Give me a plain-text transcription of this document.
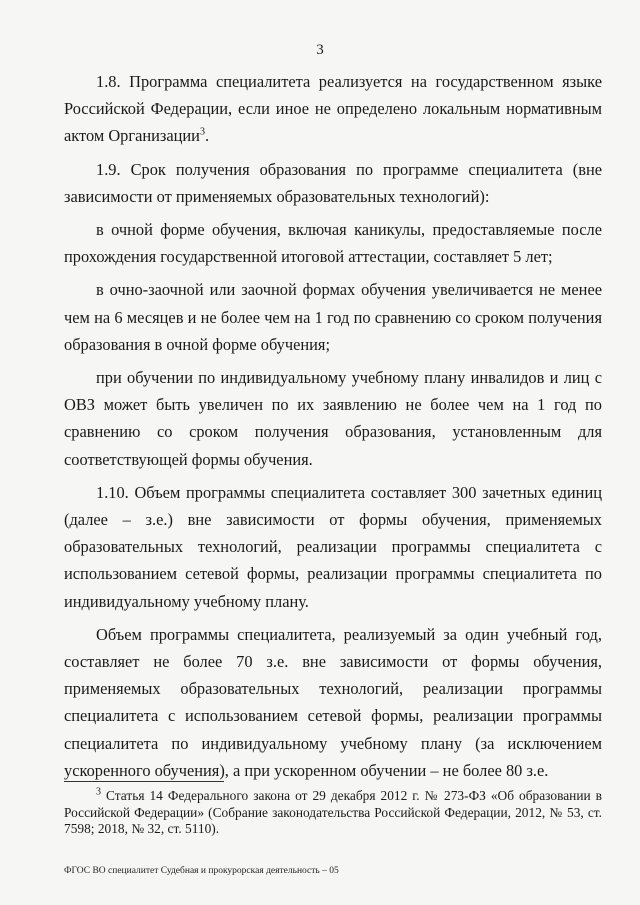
3

1.8. Программа специалитета реализуется на государственном языке Российской Федерации, если иное не определено локальным нормативным актом Организации$^3$.

1.9. Срок получения образования по программе специалитета (вне зависимости от применяемых образовательных технологий):

в очной форме обучения, включая каникулы, предоставляемые после прохождения государственной итоговой аттестации, составляет 5 лет;

в очно-заочной или заочной формах обучения увеличивается не менее чем на 6 месяцев и не более чем на 1 год по сравнению со сроком получения образования в очной форме обучения;

при обучении по индивидуальному учебному плану инвалидов и лиц с ОВЗ может быть увеличен по их заявлению не более чем на 1 год по сравнению со сроком получения образования, установленным для соответствующей формы обучения.

1.10. Объем программы специалитета составляет 300 зачетных единиц (далее – з.е.) вне зависимости от формы обучения, применяемых образовательных технологий, реализации программы специалитета с использованием сетевой формы, реализации программы специалитета по индивидуальному учебному плану.

Объем программы специалитета, реализуемый за один учебный год, составляет не более 70 з.е. вне зависимости от формы обучения, применяемых образовательных технологий, реализации программы специалитета с использованием сетевой формы, реализации программы специалитета по индивидуальному учебному плану (за исключением ускоренного обучения), а при ускоренном обучении – не более 80 з.е.

$^3$ Статья 14 Федерального закона от 29 декабря 2012 г. № 273-ФЗ «Об образовании в Российской Федерации» (Собрание законодательства Российской Федерации, 2012, № 53, ст. 7598; 2018, № 32, ст. 5110).

ФГОС ВО специалитет Судебная и прокурорская деятельность – 05
